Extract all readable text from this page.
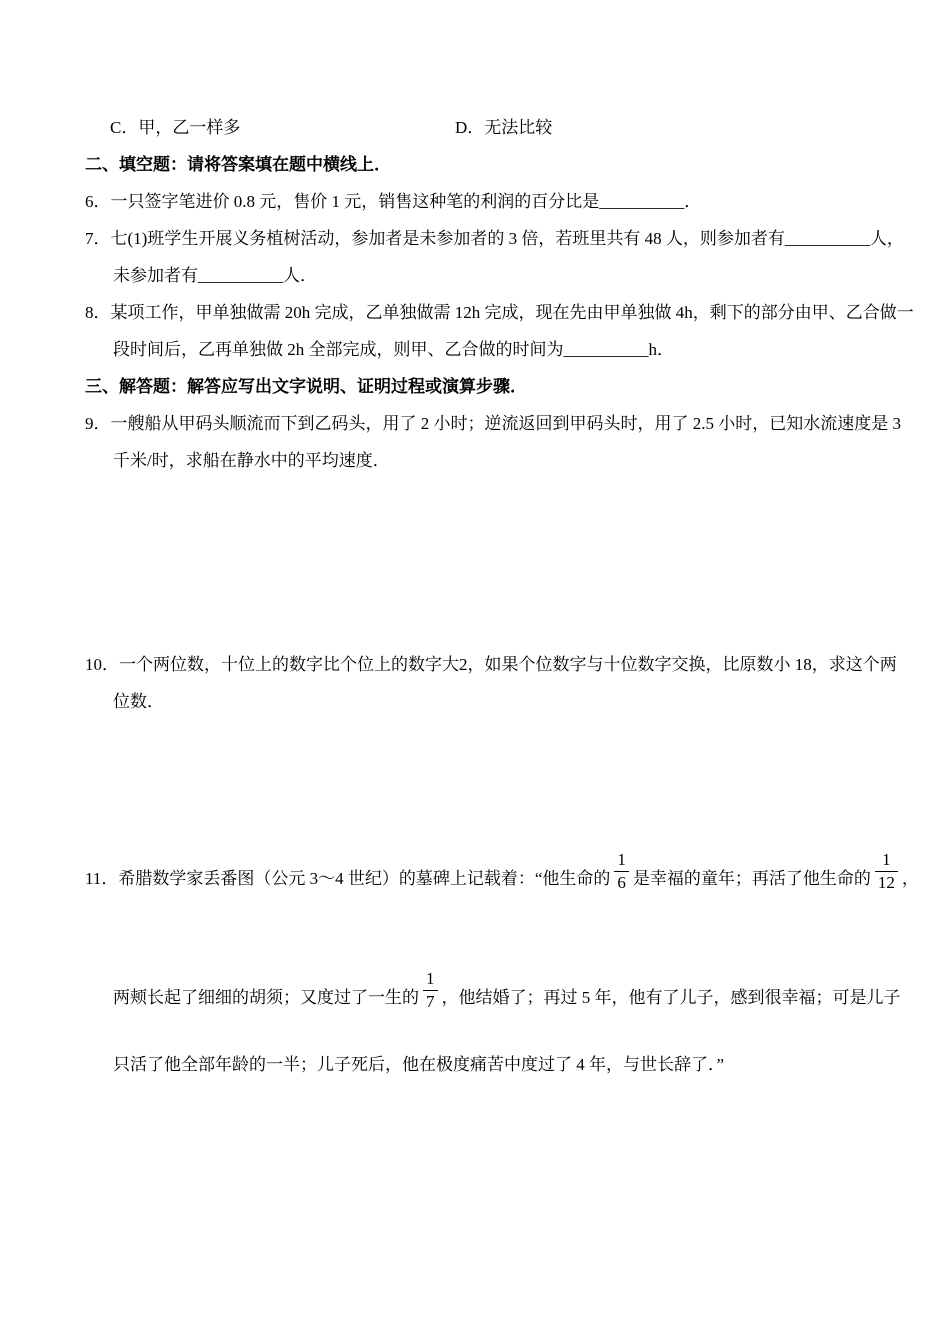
C．甲，乙一样多	D．无法比较
二、填空题：请将答案填在题中横线上．
6．一只签字笔进价 0.8 元，售价 1 元，销售这种笔的利润的百分比是__________．
7．七(1)班学生开展义务植树活动，参加者是未参加者的 3 倍，若班里共有 48 人，则参加者有__________人，
未参加者有__________人．
8．某项工作，甲单独做需 20h 完成，乙单独做需 12h 完成，现在先由甲单独做 4h，剩下的部分由甲、乙合做一
段时间后，乙再单独做 2h 全部完成，则甲、乙合做的时间为__________h．
三、解答题：解答应写出文字说明、证明过程或演算步骤．
9．一艘船从甲码头顺流而下到乙码头，用了 2 小时；逆流返回到甲码头时，用了 2.5 小时，已知水流速度是 3
千米/时，求船在静水中的平均速度．
10．一个两位数，十位上的数字比个位上的数字大2，如果个位数字与十位数字交换，比原数小 18，求这个两
位数．
11．希腊数学家丢番图（公元 3～4 世纪）的墓碑上记载着：“他生命的 $\frac{1}{6}$ 是幸福的童年；再活了他生命的 $\frac{1}{12}$ ，
两颊长起了细细的胡须；又度过了一生的 $\frac{1}{7}$ ，他结婚了；再过 5 年，他有了儿子，感到很幸福；可是儿子
只活了他全部年龄的一半；儿子死后，他在极度痛苦中度过了 4 年，与世长辞了．”
